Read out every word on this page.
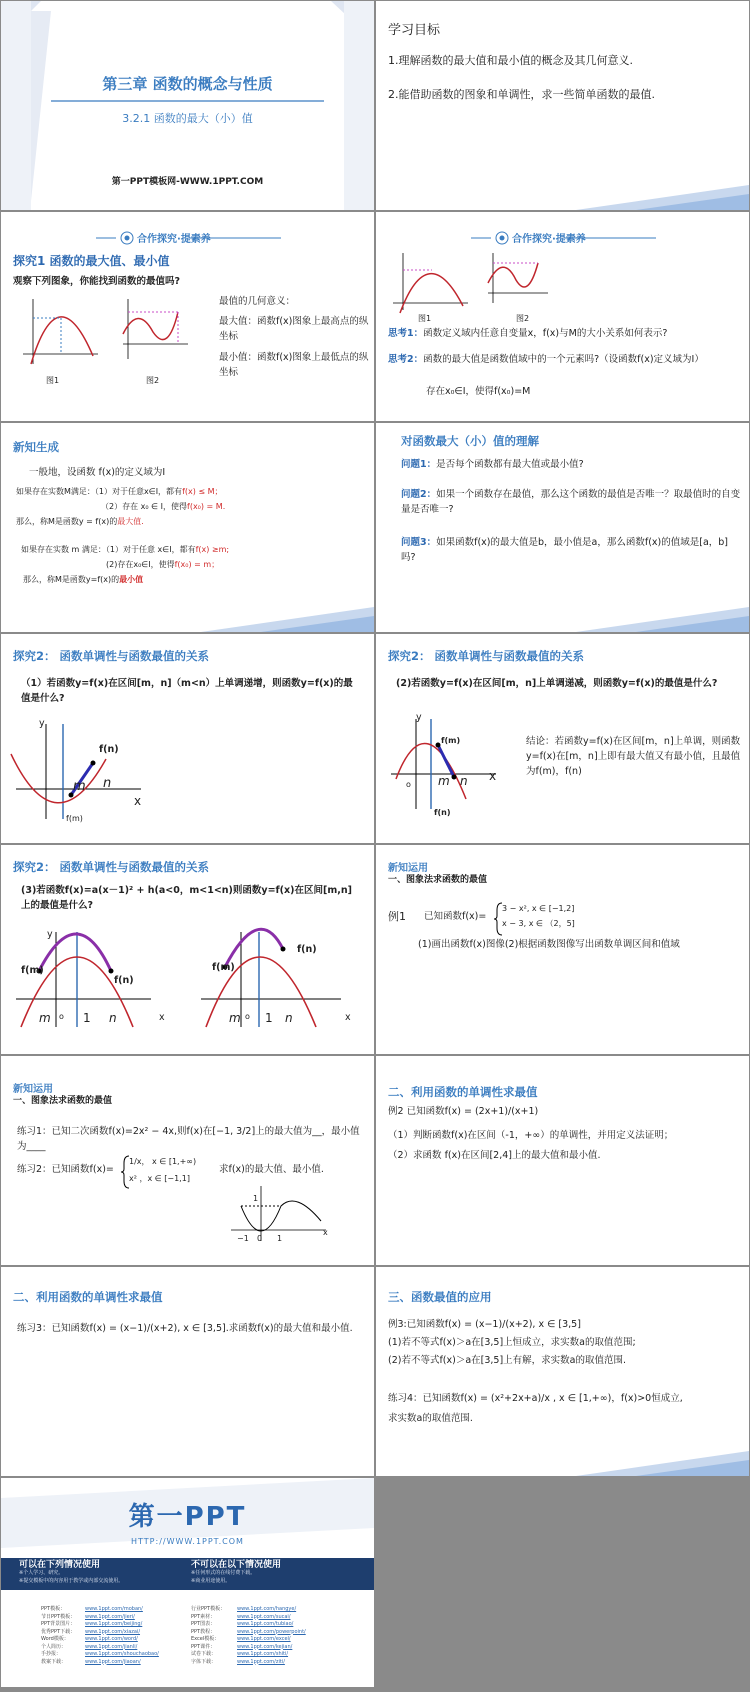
第三章 函数的概念与性质
3.2.1 函数的最大（小）值
第一PPT模板网-WWW.1PPT.COM
学习目标
1.理解函数的最大值和最小值的概念及其几何意义.
2.能借助函数的图象和单调性，求一些简单函数的最值.
合作探究·提素养
探究1 函数的最大值、最小值
观察下列图象，你能找到函数的最值吗?
图1	图2
最值的几何意义：
最大值：函数f(x)图象上最高点的纵坐标
最小值：函数f(x)图象上最低点的纵坐标
合作探究·提素养
图1	图2
思考1：函数定义域内任意自变量x，f(x)与M的大小关系如何表示?
思考2：函数的最大值是函数值域中的一个元素吗?（设函数f(x)定义域为I）
存在x₀∈I，使得f(x₀)=M
新知生成
一般地，设函数 f(x)的定义域为I
如果存在实数M满足：（1）对于任意x∈I，都有f(x) ≤ M；
（2）存在 x₀ ∈ I，使得f(x₀) = M.
那么，称M是函数y = f(x)的最大值.
如果存在实数 m 满足：（1）对于任意 x∈I，都有f(x) ≥m;
(2)存在x₀∈I，使得f(x₀) = m；
那么，称M是函数y=f(x)的最小值
对函数最大（小）值的理解
问题1：是否每个函数都有最大值或最小值?
问题2：如果一个函数存在最值，那么这个函数的最值是否唯一？取最值时的自变量是否唯一?
问题3：如果函数f(x)的最大值是b，最小值是a，那么函数f(x)的值域是[a，b]吗?
探究2： 函数单调性与函数最值的关系
（1）若函数y=f(x)在区间[m，n]（m<n）上单调递增，则函数y=f(x)的最值是什么?
y
f(n)
f(m)
m n
x
探究2： 函数单调性与函数最值的关系
(2)若函数y=f(x)在区间[m，n]上单调递减，则函数y=f(x)的最值是什么?
y
o
f(m)
f(n)
m n x
结论：若函数y=f(x)在区间[m，n]上单调，则函数y=f(x)在[m，n]上即有最大值又有最小值，且最值为f(m)，f(n)
探究2： 函数单调性与函数最值的关系
(3)若函数f(x)=a(x－1)² + h(a<0，m<1<n)则函数y=f(x)在区间[m,n]上的最值是什么?
y
f(m)
f(n)
m o 1 n	x
f(m)
f(n)
m o 1 n	x
新知运用
一、图象法求函数的最值
例1 已知函数f(x)=
3 − x², x ∈ [−1,2]
x − 3, x ∈ （2，5]
(1)画出函数f(x)图像(2)根据函数图像写出函数单调区间和值域
新知运用
一、图象法求函数的最值
练习1：已知二次函数f(x)=2x² − 4x,则f(x)在[−1, 3/2]上的最大值为__，最小值为____
练习2：已知函数f(x)=
1/x， x ∈ [1,+∞)
x² ，x ∈ [−1,1]
求f(x)的最大值、最小值.
1
−1 0 1
x
二、利用函数的单调性求最值
例2 已知函数f(x) = (2x+1)/(x+1)
（1）判断函数f(x)在区间（-1，+∞）的单调性，并用定义法证明；
（2）求函数 f(x)在区间[2,4]上的最大值和最小值.
二、利用函数的单调性求最值
练习3：已知函数f(x) = (x−1)/(x+2), x ∈ [3,5].求函数f(x)的最大值和最小值.
三、函数最值的应用
例3:已知函数f(x) = (x−1)/(x+2), x ∈ [3,5]
(1)若不等式f(x)＞a在[3,5]上恒成立，求实数a的取值范围;
(2)若不等式f(x)＞a在[3,5]上有解，求实数a的取值范围.
练习4：已知函数f(x) = (x²+2x+a)/x , x ∈ [1,+∞)，f(x)>0恒成立,
求实数a的取值范围.
第一PPT
HTTP://WWW.1PPT.COM
可以在下列情况使用
※个人学习、研究。
※提交模板中的内容用于教学或内部交流使用。
不可以在以下情况使用
※任何形式的在线付费下载。
※商业用途使用。
PPT模板：	www.1ppt.com/moban/	行业PPT模板： www.1ppt.com/hangye/
节日PPT模板： www.1ppt.com/jieri/	PPT素材：	www.1ppt.com/sucai/
PPT背景图片： www.1ppt.com/beijing/	PPT图表：	www.1ppt.com/tubiao/
优秀PPT下载： www.1ppt.com/xiazai/	PPT教程：	www.1ppt.com/powerpoint/
Word模板：	www.1ppt.com/word/	Excel模板：	www.1ppt.com/excel/
个人简历：	www.1ppt.com/jianli/	PPT课件：	www.1ppt.com/kejian/
手抄报：	www.1ppt.com/shouchaobao/	试卷下载：	www.1ppt.com/shiti/
教案下载：	www.1ppt.com/jiaoan/	字体下载：	www.1ppt.com/ziti/
